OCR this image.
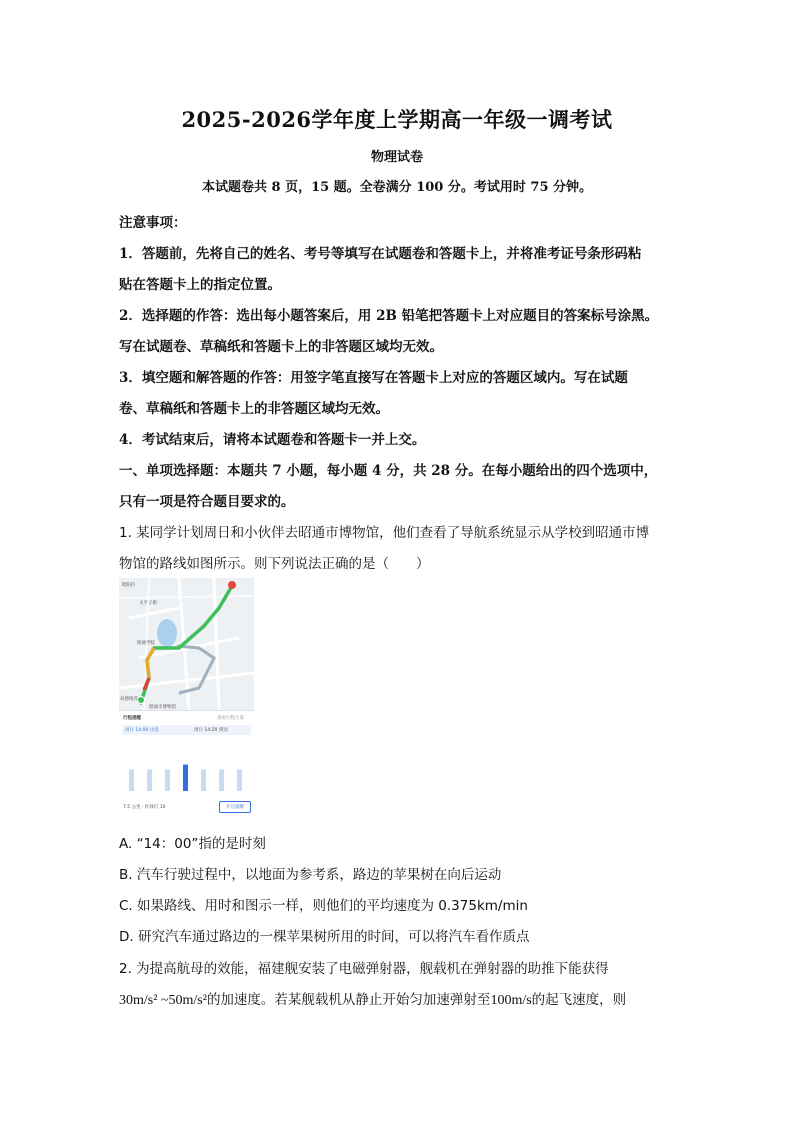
2025-2026学年度上学期高一年级一调考试
物理试卷
本试题卷共 8 页，15 题。全卷满分 100 分。考试用时 75 分钟。
注意事项：
1．答题前，先将自己的姓名、考号等填写在试题卷和答题卡上，并将准考证号条形码粘
贴在答题卡上的指定位置。
2．选择题的作答：选出每小题答案后，用 2B 铅笔把答题卡上对应题目的答案标号涂黑。
写在试题卷、草稿纸和答题卡上的非答题区域均无效。
3．填空题和解答题的作答：用签字笔直接写在答题卡上对应的答题区域内。写在试题
卷、草稿纸和答题卡上的非答题区域均无效。
4．考试结束后，请将本试题卷和答题卡一并上交。
一、单项选择题：本题共 7 小题，每小题 4 分，共 28 分。在每小题给出的四个选项中，
只有一项是符合题目要求的。
1. 某同学计划周日和小伙伴去昭通市博物馆，他们查看了导航系统显示从学校到昭通市博
物馆的路线如图所示。则下列说法正确的是（　　）
昭阳区
太平子街
昭通学院
昭通市博物馆
高德推荐
行程提醒	查看行程方案
周日 14:00 出发	周日 14:20 到达
7.5 公里 · 红绿灯 10	开启提醒
A. “14：00”指的是时刻
B. 汽车行驶过程中，以地面为参考系，路边的苹果树在向后运动
C. 如果路线、用时和图示一样，则他们的平均速度为 0.375km/min
D. 研究汽车通过路边的一棵苹果树所用的时间，可以将汽车看作质点
2. 为提高航母的效能，福建舰安装了电磁弹射器，舰载机在弹射器的助推下能获得
30m/s² ~50m/s²的加速度。若某舰载机从静止开始匀加速弹射至100m/s的起飞速度，则
